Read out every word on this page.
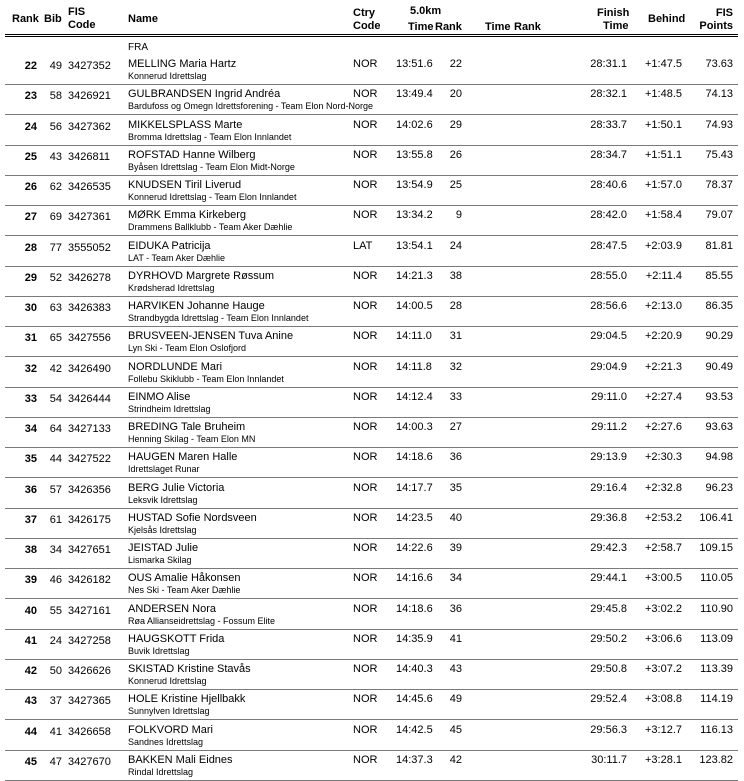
Rank Bib
FIS
Code	Name	Ctry
Code
5.0km
Time Rank Time Rank
Finish
Time
Behind	FIS
Points
FRA
22	49 3427352 MELLING Maria Hartz
Konnerud Idrettslag
NOR 13:51.6	22	28:31.1	+1:47.5	73.63
23	58 3426921 GULBRANDSEN Ingrid Andréa
Bardufoss og Omegn Idrettsforening - Team Elon Nord-Norge
NOR 13:49.4	20	28:32.1	+1:48.5	74.13
24	56 3427362 MIKKELSPLASS Marte
Bromma Idrettslag - Team Elon Innlandet
NOR 14:02.6	29	28:33.7	+1:50.1	74.93
25	43 3426811 ROFSTAD Hanne Wilberg
Byåsen Idrettslag - Team Elon Midt-Norge
NOR 13:55.8	26	28:34.7	+1:51.1	75.43
26	62 3426535 KNUDSEN Tiril Liverud
Konnerud Idrettslag - Team Elon Innlandet
NOR 13:54.9	25	28:40.6	+1:57.0	78.37
27	69 3427361 MØRK Emma Kirkeberg
Drammens Ballklubb - Team Aker Dæhlie
NOR 13:34.2	9	28:42.0	+1:58.4	79.07
28	77 3555052 EIDUKA Patricija
LAT - Team Aker Dæhlie
LAT 13:54.1	24	28:47.5	+2:03.9	81.81
29	52 3426278 DYRHOVD Margrete Røssum
Krødsherad Idrettslag
NOR 14:21.3	38	28:55.0	+2:11.4	85.55
30	63 3426383 HARVIKEN Johanne Hauge
Strandbygda Idrettslag - Team Elon Innlandet
NOR 14:00.5	28	28:56.6	+2:13.0	86.35
31	65 3427556 BRUSVEEN-JENSEN Tuva Anine
Lyn Ski - Team Elon Oslofjord
NOR 14:11.0	31	29:04.5	+2:20.9	90.29
32	42 3426490 NORDLUNDE Mari
Follebu Skiklubb - Team Elon Innlandet
NOR 14:11.8	32	29:04.9	+2:21.3	90.49
33	54 3426444 EINMO Alise
Strindheim Idrettslag
NOR 14:12.4	33	29:11.0	+2:27.4	93.53
34	64 3427133 BREDING Tale Bruheim
Henning Skilag - Team Elon MN
NOR 14:00.3	27	29:11.2	+2:27.6	93.63
35	44 3427522 HAUGEN Maren Halle
Idrettslaget Runar
NOR 14:18.6	36	29:13.9	+2:30.3	94.98
36	57 3426356 BERG Julie Victoria
Leksvik Idrettslag
NOR 14:17.7	35	29:16.4	+2:32.8	96.23
37	61 3426175 HUSTAD Sofie Nordsveen
Kjelsås Idrettslag
NOR 14:23.5	40	29:36.8	+2:53.2	106.41
38	34 3427651 JEISTAD Julie
Lismarka Skilag
NOR 14:22.6	39	29:42.3	+2:58.7	109.15
39	46 3426182 OUS Amalie Håkonsen
Nes Ski - Team Aker Dæhlie
NOR 14:16.6	34	29:44.1	+3:00.5	110.05
40	55 3427161 ANDERSEN Nora
Røa Allianseidrettslag - Fossum Elite
NOR 14:18.6	36	29:45.8	+3:02.2	110.90
41	24 3427258 HAUGSKOTT Frida
Buvik Idrettslag
NOR 14:35.9	41	29:50.2	+3:06.6	113.09
42	50 3426626 SKISTAD Kristine Stavås
Konnerud Idrettslag
NOR 14:40.3	43	29:50.8	+3:07.2	113.39
43	37 3427365 HOLE Kristine Hjellbakk
Sunnylven Idrettslag
NOR 14:45.6	49	29:52.4	+3:08.8	114.19
44	41 3426658 FOLKVORD Mari
Sandnes Idrettslag
NOR 14:42.5	45	29:56.3	+3:12.7	116.13
45	47 3427670 BAKKEN Mali Eidnes
Rindal Idrettslag
NOR 14:37.3	42	30:11.7	+3:28.1	123.82
